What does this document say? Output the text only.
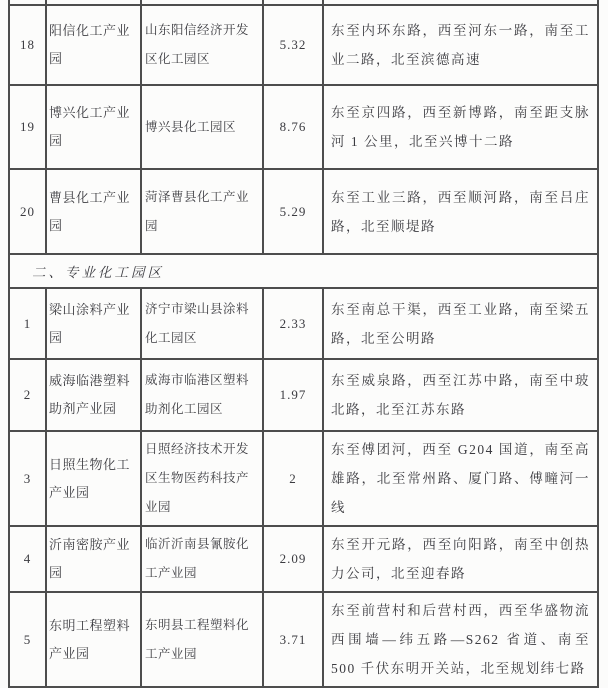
18	阳信化工产业园	山东阳信经济开发区化工园区	5.32	东至内环东路，西至河东一路，南至工业二路，北至滨德高速
19	博兴化工产业园	博兴县化工园区	8.76	东至京四路，西至新博路，南至距支脉河 1 公里，北至兴博十二路
20	曹县化工产业园	菏泽曹县化工产业园	5.29	东至工业三路，西至顺河路，南至吕庄路，北至顺堤路
二、专业化工园区				
1	梁山涂料产业园	济宁市梁山县涂料化工园区	2.33	东至南总干渠，西至工业路，南至梁五路，北至公明路
2	威海临港塑料助剂产业园	威海市临港区塑料助剂化工园区	1.97	东至威泉路，西至江苏中路，南至中玻北路，北至江苏东路
3	日照生物化工产业园	日照经济技术开发区生物医药科技产业园	2	东至傅团河，西至 G204 国道，南至高雄路，北至常州路、厦门路、傅疃河一线
4	沂南密胺产业园	临沂沂南县氰胺化工产业园	2.09	东至开元路，西至向阳路，南至中创热力公司，北至迎春路
5	东明工程塑料产业园	东明县工程塑料化工产业园	3.71	东至前营村和后营村西，西至华盛物流西围墙—纬五路—S262 省道、南至 500 千伏东明开关站，北至规划纬七路
